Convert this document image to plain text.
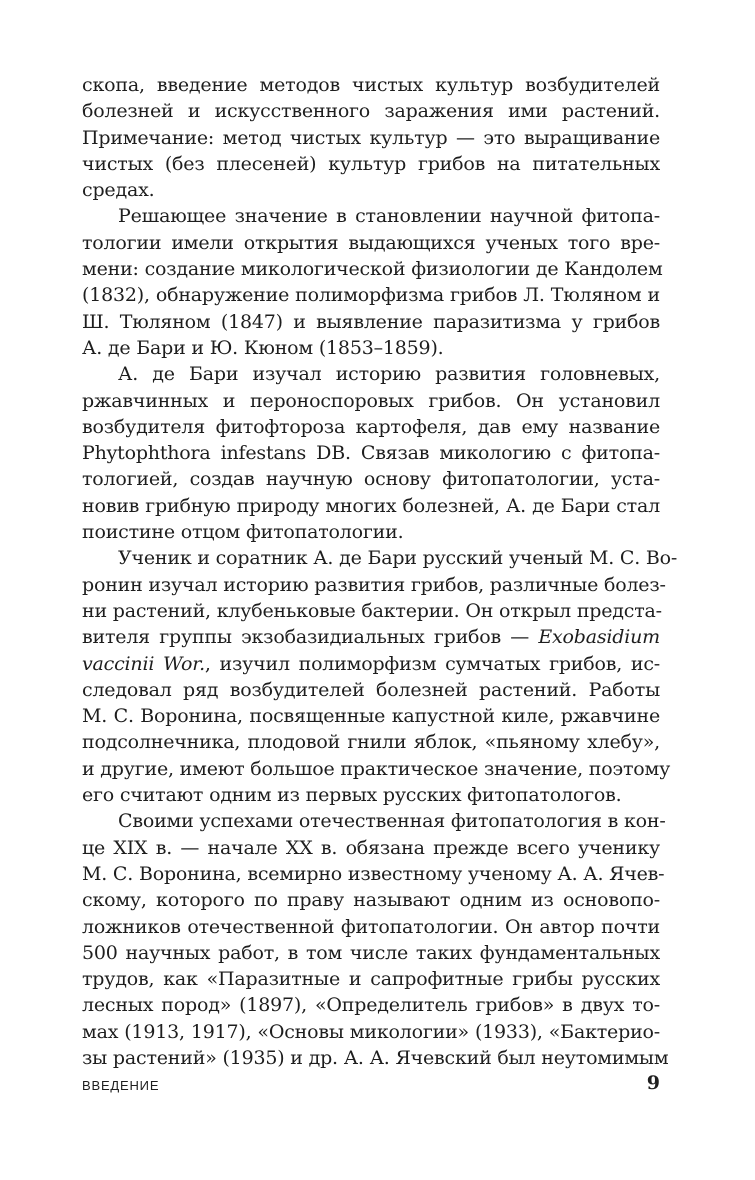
скопа, введение методов чистых культур возбудителей
болезней и искусственного заражения ими растений.
Примечание: метод чистых культур — это выращивание
чистых (без плесеней) культур грибов на питательных
средах.
Решающее значение в становлении научной фитопа-
тологии имели открытия выдающихся ученых того вре-
мени: создание микологической физиологии де Кандолем
(1832), обнаружение полиморфизма грибов Л. Тюляном и
Ш. Тюляном (1847) и выявление паразитизма у грибов
А. де Бари и Ю. Кюном (1853–1859).
А. де Бари изучал историю развития головневых,
ржавчинных и пероноспоровых грибов. Он установил
возбудителя фитофтороза картофеля, дав ему название
Phytophthora infestans DB. Связав микологию с фитопа-
тологией, создав научную основу фитопатологии, уста-
новив грибную природу многих болезней, А. де Бари стал
поистине отцом фитопатологии.
Ученик и соратник А. де Бари русский ученый М. С. Во-
ронин изучал историю развития грибов, различные болез-
ни растений, клубеньковые бактерии. Он открыл предста-
вителя группы экзобазидиальных грибов — Exobasidium
vaccinii Wor., изучил полиморфизм сумчатых грибов, ис-
следовал ряд возбудителей болезней растений. Работы
М. С. Воронина, посвященные капустной киле, ржавчине
подсолнечника, плодовой гнили яблок, «пьяному хлебу»,
и другие, имеют большое практическое значение, поэтому
его считают одним из первых русских фитопатологов.
Своими успехами отечественная фитопатология в кон-
це XIX в. — начале XX в. обязана прежде всего ученику
М. С. Воронина, всемирно известному ученому А. А. Ячев-
скому, которого по праву называют одним из основопо-
ложников отечественной фитопатологии. Он автор почти
500 научных работ, в том числе таких фундаментальных
трудов, как «Паразитные и сапрофитные грибы русских
лесных пород» (1897), «Определитель грибов» в двух то-
мах (1913, 1917), «Основы микологии» (1933), «Бактерио-
зы растений» (1935) и др. А. А. Ячевский был неутомимым
ВВЕДЕНИЕ	9
